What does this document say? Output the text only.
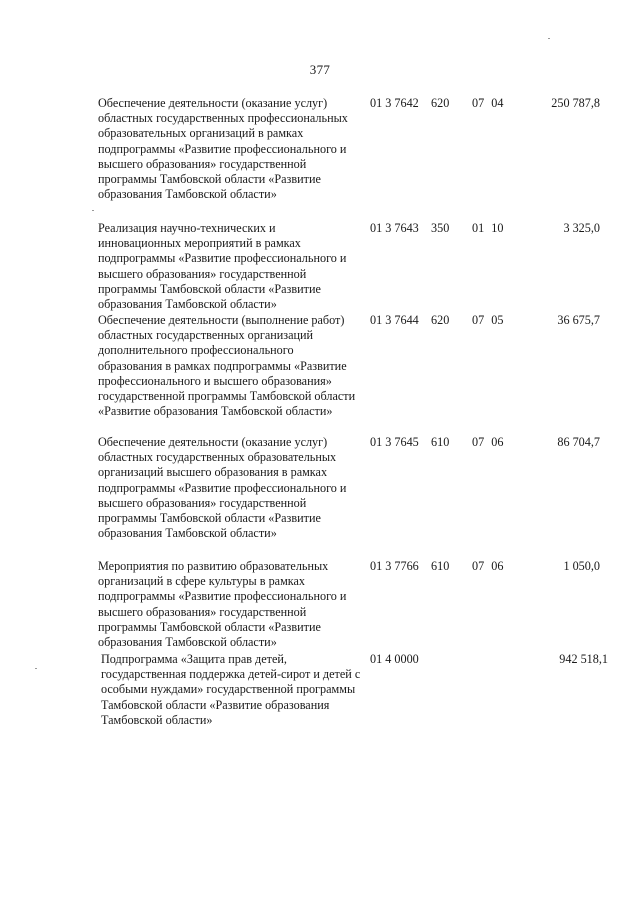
377
Обеспечение деятельности (оказание услуг) областных государственных профессиональных образовательных организаций в рамках подпрограммы «Развитие профессионального и высшего образования» государственной программы Тамбовской области «Развитие образования Тамбовской области»
01 3 7642 620 07 04	250 787,8
Реализация научно-технических и инновационных мероприятий в рамках подпрограммы «Развитие профессионального и высшего образования» государственной программы Тамбовской области «Развитие образования Тамбовской области»
01 3 7643 350 01 10	3 325,0
Обеспечение деятельности (выполнение работ) областных государственных организаций дополнительного профессионального образования в рамках подпрограммы «Развитие профессионального и высшего образования» государственной программы Тамбовской области «Развитие образования Тамбовской области»
01 3 7644 620 07 05	36 675,7
Обеспечение деятельности (оказание услуг) областных государственных образовательных организаций высшего образования в рамках подпрограммы «Развитие профессионального и высшего образования» государственной программы Тамбовской области «Развитие образования Тамбовской области»
01 3 7645 610 07 06	86 704,7
Мероприятия по развитию образовательных организаций в сфере культуры в рамках подпрограммы «Развитие профессионального и высшего образования» государственной программы Тамбовской области «Развитие образования Тамбовской области»
01 3 7766 610 07 06	1 050,0
Подпрограмма «Защита прав детей, государственная поддержка детей-сирот и детей с особыми нуждами» государственной программы Тамбовской области «Развитие образования Тамбовской области»
01 4 0000	942 518,1
